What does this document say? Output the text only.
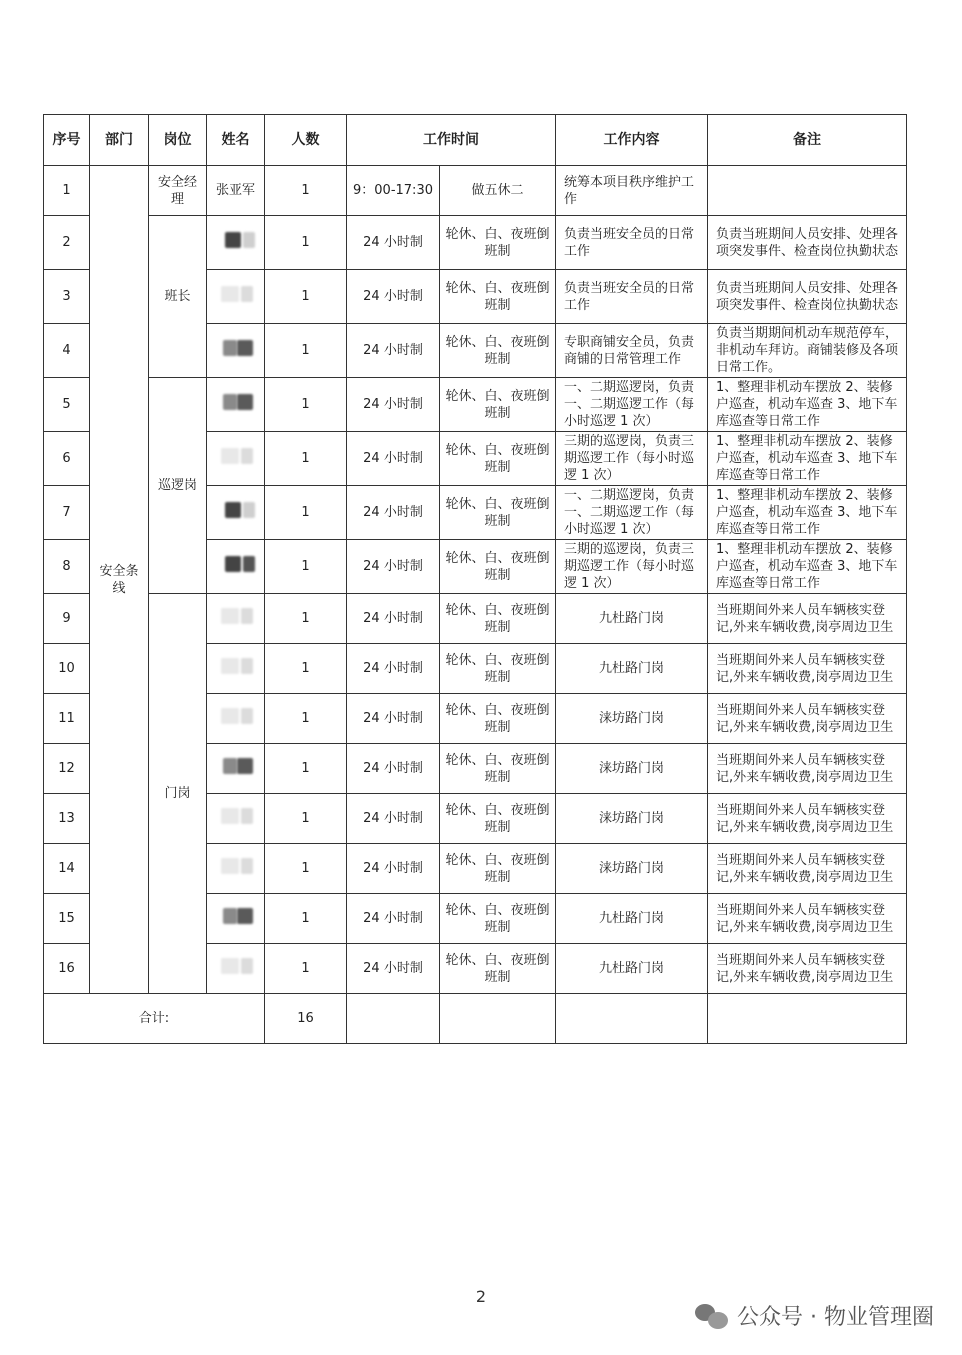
序号	部门	岗位	姓名	人数	工作时间		工作内容	备注
1	安全条线	安全经理	张亚军	1	9：00-17:30	做五休二	统筹本项目秩序维护工作	
2		班长		1	24 小时制	轮休、白、夜班倒班制	负责当班安全员的日常工作	负责当班期间人员安排、处理各项突发事件、检查岗位执勤状态
3				1	24 小时制	轮休、白、夜班倒班制	负责当班安全员的日常工作	负责当班期间人员安排、处理各项突发事件、检查岗位执勤状态
4				1	24 小时制	轮休、白、夜班倒班制	专职商铺安全员，负责商铺的日常管理工作	负责当期期间机动车规范停车，非机动车拜访。商铺装修及各项日常工作。
5		巡逻岗		1	24 小时制	轮休、白、夜班倒班制	一、二期巡逻岗，负责一、二期巡逻工作（每小时巡逻 1 次）	1、整理非机动车摆放 2、装修户巡查，机动车巡查 3、地下车库巡查等日常工作
6				1	24 小时制	轮休、白、夜班倒班制	三期的巡逻岗，负责三期巡逻工作（每小时巡逻 1 次）	1、整理非机动车摆放 2、装修户巡查，机动车巡查 3、地下车库巡查等日常工作
7				1	24 小时制	轮休、白、夜班倒班制	一、二期巡逻岗，负责一、二期巡逻工作（每小时巡逻 1 次）	1、整理非机动车摆放 2、装修户巡查，机动车巡查 3、地下车库巡查等日常工作
8				1	24 小时制	轮休、白、夜班倒班制	三期的巡逻岗，负责三期巡逻工作（每小时巡逻 1 次）	1、整理非机动车摆放 2、装修户巡查，机动车巡查 3、地下车库巡查等日常工作
9		门岗		1	24 小时制	轮休、白、夜班倒班制	九杜路门岗	当班期间外来人员车辆核实登记,外来车辆收费,岗亭周边卫生
10				1	24 小时制	轮休、白、夜班倒班制	九杜路门岗	当班期间外来人员车辆核实登记,外来车辆收费,岗亭周边卫生
11				1	24 小时制	轮休、白、夜班倒班制	涞坊路门岗	当班期间外来人员车辆核实登记,外来车辆收费,岗亭周边卫生
12				1	24 小时制	轮休、白、夜班倒班制	涞坊路门岗	当班期间外来人员车辆核实登记,外来车辆收费,岗亭周边卫生
13				1	24 小时制	轮休、白、夜班倒班制	涞坊路门岗	当班期间外来人员车辆核实登记,外来车辆收费,岗亭周边卫生
14				1	24 小时制	轮休、白、夜班倒班制	涞坊路门岗	当班期间外来人员车辆核实登记,外来车辆收费,岗亭周边卫生
15				1	24 小时制	轮休、白、夜班倒班制	九杜路门岗	当班期间外来人员车辆核实登记,外来车辆收费,岗亭周边卫生
16				1	24 小时制	轮休、白、夜班倒班制	九杜路门岗	当班期间外来人员车辆核实登记,外来车辆收费,岗亭周边卫生
合计:				16				
2
公众号 · 物业管理圈
